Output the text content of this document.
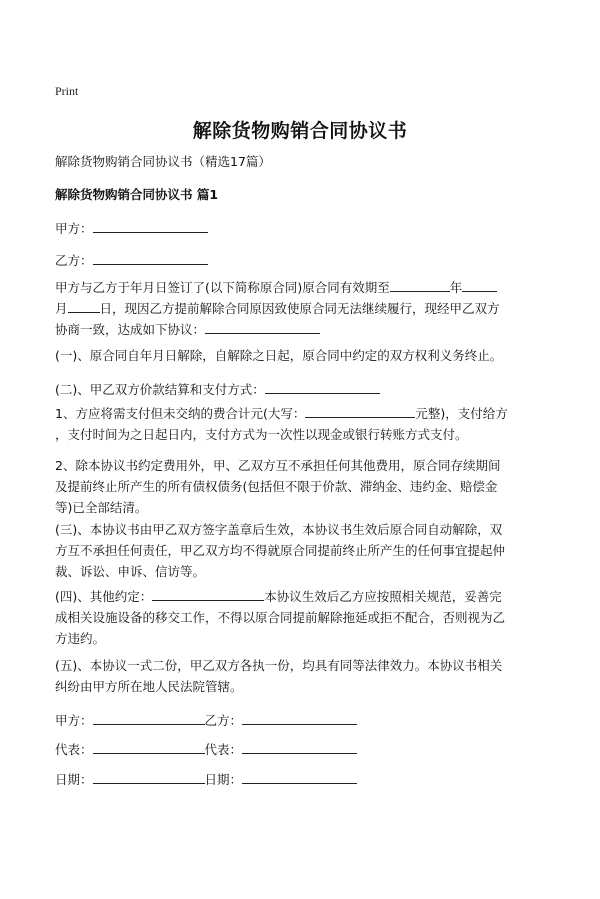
Print
解除货物购销合同协议书
解除货物购销合同协议书（精选17篇）
解除货物购销合同协议书 篇1
甲方：
乙方：
甲方与乙方于年月日签订了(以下简称原合同)原合同有效期至	年
月	日，现因乙方提前解除合同原因致使原合同无法继续履行，现经甲乙双方
协商一致，达成如下协议：
(一)、原合同自年月日解除，自解除之日起，原合同中约定的双方权利义务终止。
(二)、甲乙双方价款结算和支付方式：
1、方应将需支付但未交纳的费合计元(大写：	元整)，支付给方
，支付时间为之日起日内，支付方式为一次性以现金或银行转账方式支付。
2、除本协议书约定费用外，甲、乙双方互不承担任何其他费用，原合同存续期间
及提前终止所产生的所有债权债务(包括但不限于价款、滞纳金、违约金、赔偿金
等)已全部结清。
(三)、本协议书由甲乙双方签字盖章后生效，本协议书生效后原合同自动解除，双
方互不承担任何责任，甲乙双方均不得就原合同提前终止所产生的任何事宜提起仲
裁、诉讼、申诉、信访等。
(四)、其他约定：	本协议生效后乙方应按照相关规范，妥善完
成相关设施设备的移交工作，不得以原合同提前解除拖延或拒不配合，否则视为乙
方违约。
(五)、本协议一式二份，甲乙双方各执一份，均具有同等法律效力。本协议书相关
纠纷由甲方所在地人民法院管辖。
甲方：	乙方：
代表：	代表：
日期：	日期：
